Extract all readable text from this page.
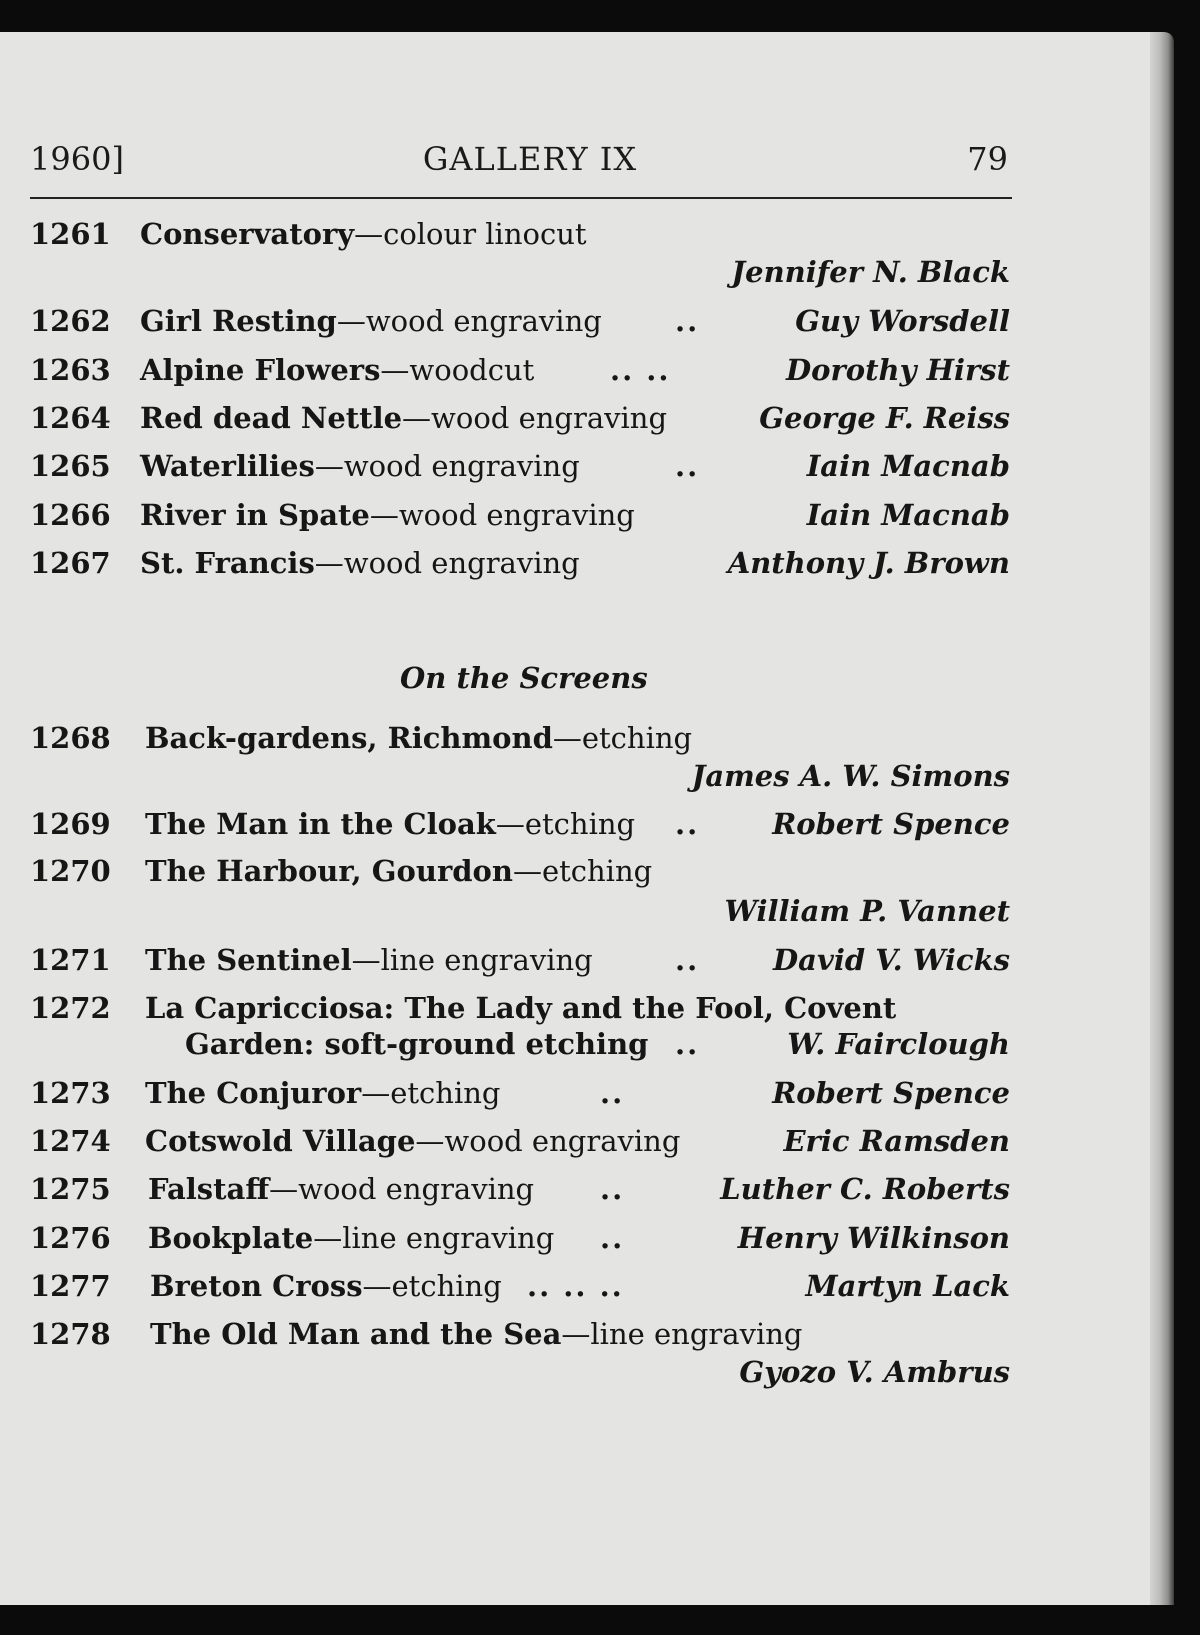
1960]	GALLERY IX	79
1261 Conservatory—colour linocut
Jennifer N. Black
1262 Girl Resting—wood engraving	..	Guy Worsdell
1263 Alpine Flowers—woodcut	.. ..	Dorothy Hirst
1264 Red dead Nettle—wood engraving	George F. Reiss
1265 Waterlilies—wood engraving	..	Iain Macnab
1266 River in Spate—wood engraving	Iain Macnab
1267 St. Francis—wood engraving	Anthony J. Brown
On the Screens
1268 Back-gardens, Richmond—etching
James A. W. Simons
1269 The Man in the Cloak—etching ..	Robert Spence
1270 The Harbour, Gourdon—etching
William P. Vannet
1271 The Sentinel—line engraving	..	David V. Wicks
1272 La Capricciosa: The Lady and the Fool, Covent
Garden: soft-ground etching ..	W. Fairclough
1273 The Conjuror—etching	..	Robert Spence
1274 Cotswold Village—wood engraving	Eric Ramsden
1275 Falstaff—wood engraving ..	Luther C. Roberts
1276 Bookplate—line engraving ..	Henry Wilkinson
1277 Breton Cross—etching .. .. ..	Martyn Lack
1278 The Old Man and the Sea—line engraving
Gyozo V. Ambrus
